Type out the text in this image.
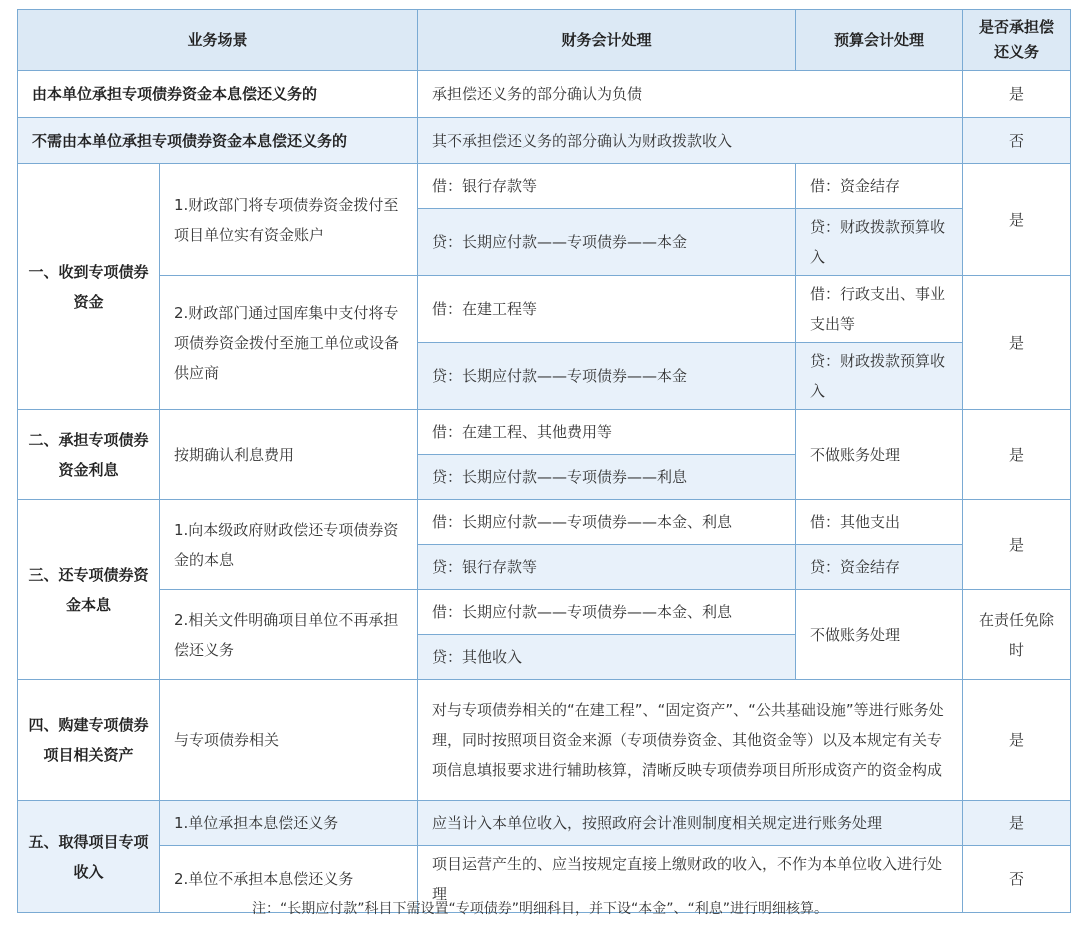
业务场景		财务会计处理	预算会计处理	是否承担偿还义务
由本单位承担专项债券资金本息偿还义务的		承担偿还义务的部分确认为负债		是
不需由本单位承担专项债券资金本息偿还义务的		其不承担偿还义务的部分确认为财政拨款收入		否
一、收到专项债券资金	1.财政部门将专项债券资金拨付至项目单位实有资金账户	借：银行存款等	借：资金结存	是
		贷：长期应付款——专项债券——本金	贷：财政拨款预算收入	
	2.财政部门通过国库集中支付将专项债券资金拨付至施工单位或设备供应商	借：在建工程等	借：行政支出、事业支出等	是
		贷：长期应付款——专项债券——本金	贷：财政拨款预算收入	
二、承担专项债券资金利息	按期确认利息费用	借：在建工程、其他费用等	不做账务处理	是
		贷：长期应付款——专项债券——利息		
三、还专项债券资金本息	1.向本级政府财政偿还专项债券资金的本息	借：长期应付款——专项债券——本金、利息	借：其他支出	是
		贷：银行存款等	贷：资金结存	
	2.相关文件明确项目单位不再承担偿还义务	借：长期应付款——专项债券——本金、利息	不做账务处理	在责任免除时
		贷：其他收入		
四、购建专项债券项目相关资产	与专项债券相关	对与专项债券相关的“在建工程”、“固定资产”、“公共基础设施”等进行账务处理，同时按照项目资金来源（专项债券资金、其他资金等）以及本规定有关专项信息填报要求进行辅助核算，清晰反映专项债券项目所形成资产的资金构成		是
五、取得项目专项收入	1.单位承担本息偿还义务	应当计入本单位收入，按照政府会计准则制度相关规定进行账务处理		是
	2.单位不承担本息偿还义务	项目运营产生的、应当按规定直接上缴财政的收入，不作为本单位收入进行处理		否
注：“长期应付款”科目下需设置“专项债券”明细科目，并下设“本金”、“利息”进行明细核算。
